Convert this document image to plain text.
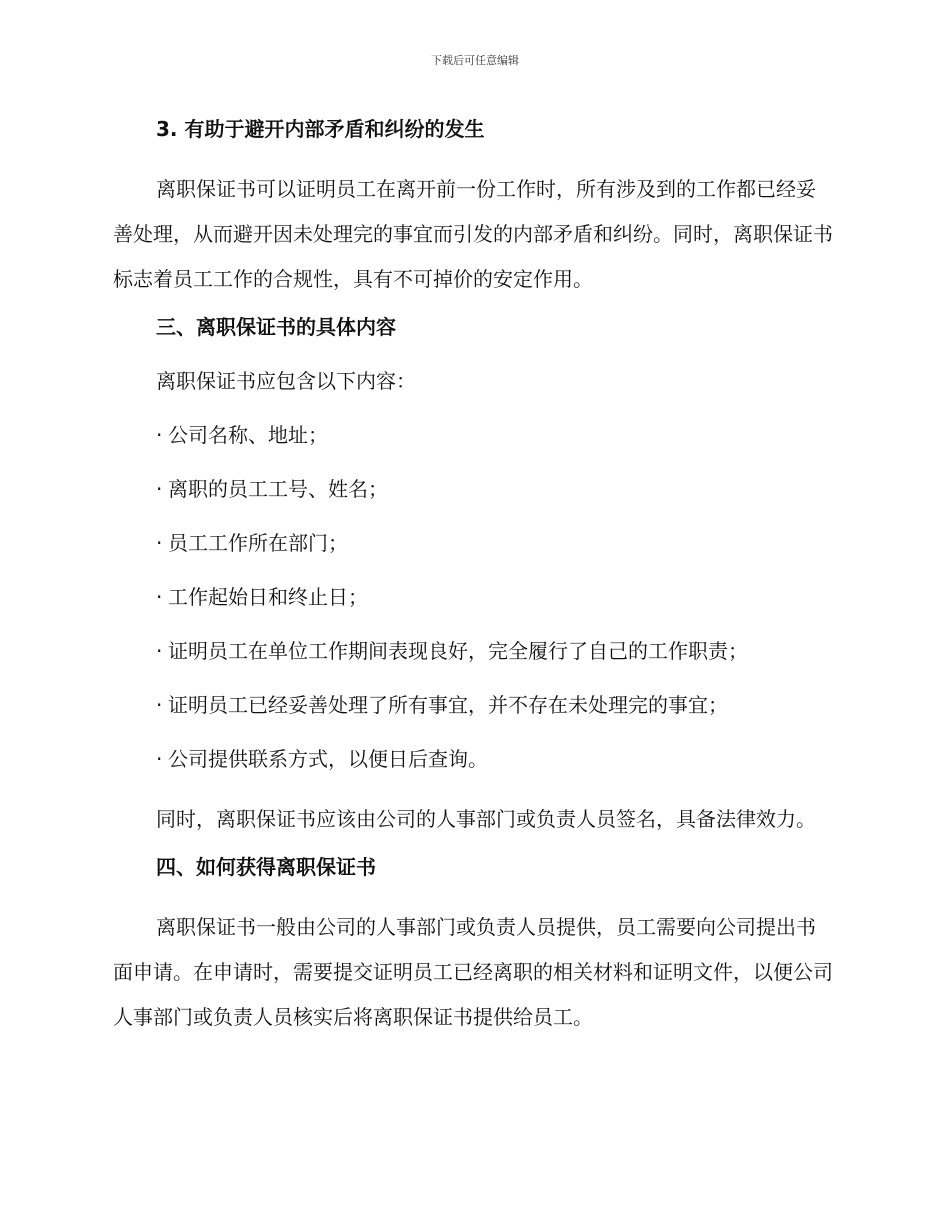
下载后可任意编辑
3. 有助于避开内部矛盾和纠纷的发生

离职保证书可以证明员工在离开前一份工作时，所有涉及到的工作都已经妥善处理，从而避开因未处理完的事宜而引发的内部矛盾和纠纷。同时，离职保证书标志着员工工作的合规性，具有不可掉价的安定作用。

三、离职保证书的具体内容

离职保证书应包含以下内容：

· 公司名称、地址；
· 离职的员工工号、姓名；
· 员工工作所在部门；
· 工作起始日和终止日；
· 证明员工在单位工作期间表现良好，完全履行了自己的工作职责；
· 证明员工已经妥善处理了所有事宜，并不存在未处理完的事宜；
· 公司提供联系方式，以便日后查询。

同时，离职保证书应该由公司的人事部门或负责人员签名，具备法律效力。

四、如何获得离职保证书

离职保证书一般由公司的人事部门或负责人员提供，员工需要向公司提出书面申请。在申请时，需要提交证明员工已经离职的相关材料和证明文件，以便公司人事部门或负责人员核实后将离职保证书提供给员工。
